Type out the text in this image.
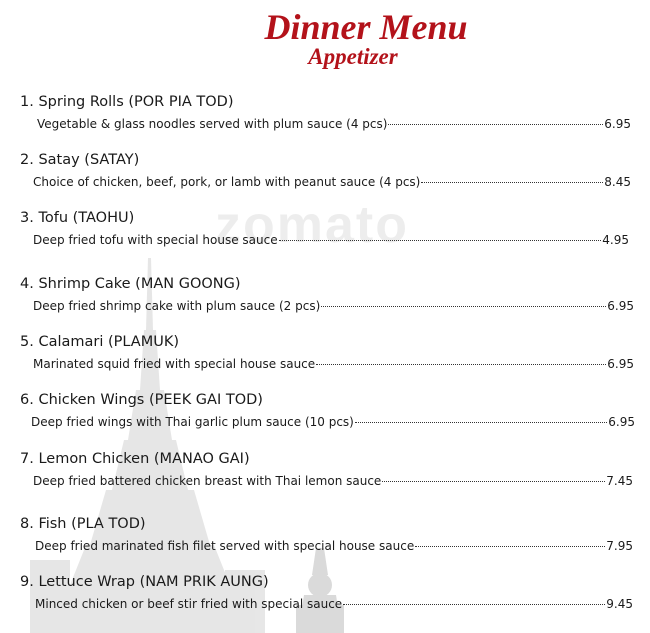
zomato
Dinner Menu
Appetizer
1. Spring Rolls (POR PIA TOD)
Vegetable & glass noodles served with plum sauce (4 pcs)	6.95
2. Satay (SATAY)
Choice of chicken, beef, pork, or lamb with peanut sauce (4 pcs)	8.45
3. Tofu (TAOHU)
Deep fried tofu with special house sauce	4.95
4. Shrimp Cake (MAN GOONG)
Deep fried shrimp cake with plum sauce (2 pcs)	6.95
5. Calamari (PLAMUK)
Marinated squid fried with special house sauce	6.95
6. Chicken Wings (PEEK GAI TOD)
Deep fried wings with Thai garlic plum sauce (10 pcs)	6.95
7. Lemon Chicken (MANAO GAI)
Deep fried battered chicken breast with Thai lemon sauce	7.45
8. Fish (PLA TOD)
Deep fried marinated fish filet served with special house sauce	7.95
9. Lettuce Wrap (NAM PRIK AUNG)
Minced chicken or beef stir fried with special sauce	9.45
